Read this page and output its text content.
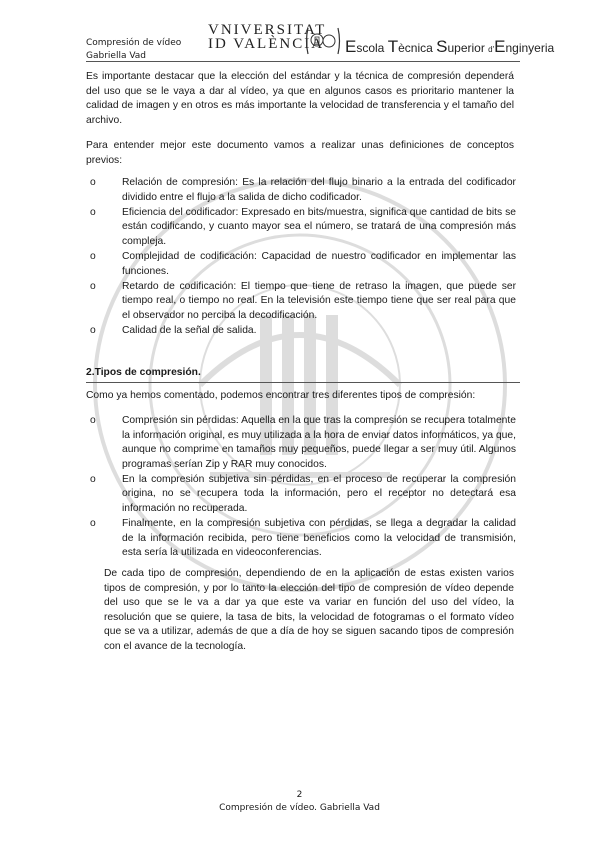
Compresión de vídeo
Gabriella Vad
VNIVERSITAT
ID VALÈNCIA Escola Tècnica Superior d'Enginyeria
Es importante destacar que la elección del estándar y la técnica de compresión dependerá del uso que se le vaya a dar al vídeo, ya que en algunos casos es prioritario mantener la calidad de imagen y en otros es más importante la velocidad de transferencia y el tamaño del archivo.
Para entender mejor este documento vamos a realizar unas definiciones de conceptos previos:
o	Relación de compresión: Es la relación del flujo binario a la entrada del codificador dividido entre el flujo a la salida de dicho codificador.
o	Eficiencia del codificador: Expresado en bits/muestra, significa que cantidad de bits se están codificando, y cuanto mayor sea el número, se tratará de una compresión más compleja.
o	Complejidad de codificación: Capacidad de nuestro codificador en implementar las funciones.
o	Retardo de codificación: El tiempo que tiene de retraso la imagen, que puede ser tiempo real, o tiempo no real. En la televisión este tiempo tiene que ser real para que el observador no perciba la decodificación.
o	Calidad de la señal de salida.
2.Tipos de compresión.
Como ya hemos comentado, podemos encontrar tres diferentes tipos de compresión:
o	Compresión sin pérdidas: Aquella en la que tras la compresión se recupera totalmente la información original, es muy utilizada a la hora de enviar datos informáticos, ya que, aunque no comprime en tamaños muy pequeños, puede llegar a ser muy útil. Algunos programas serían Zip y RAR muy conocidos.
o	En la compresión subjetiva sin pérdidas, en el proceso de recuperar la compresión origina, no se recupera toda la información, pero el receptor no detectará esa información no recuperada.
o	Finalmente, en la compresión subjetiva con pérdidas, se llega a degradar la calidad de la información recibida, pero tiene beneficios como la velocidad de transmisión, esta sería la utilizada en videoconferencias.
De cada tipo de compresión, dependiendo de en la aplicación de estas existen varios tipos de compresión, y por lo tanto la elección del tipo de compresión de vídeo depende del uso que se le va a dar ya que este va variar en función del uso del vídeo, la resolución que se quiere, la tasa de bits, la velocidad de fotogramas o el formato vídeo que se va a utilizar, además de que a día de hoy se siguen sacando tipos de compresión con el avance de la tecnología.
2
Compresión de vídeo. Gabriella Vad
